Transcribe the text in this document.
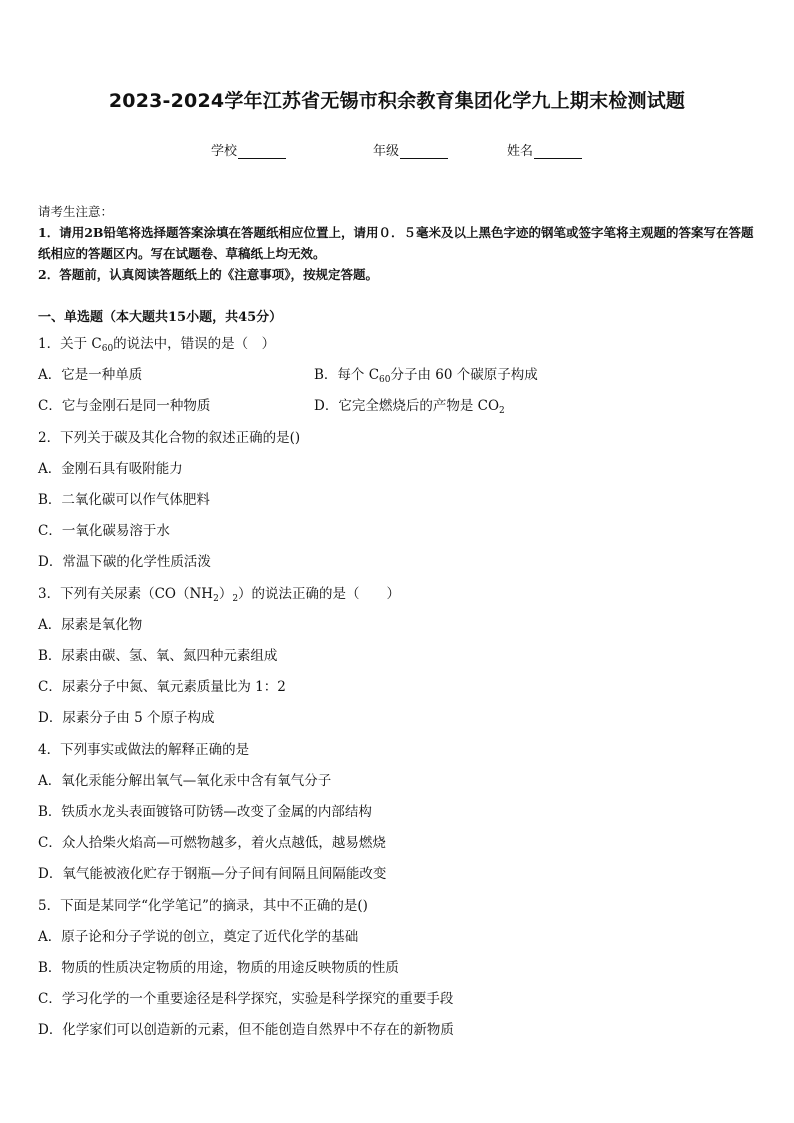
2023-2024学年江苏省无锡市积余教育集团化学九上期末检测试题
学校	年级	姓名
请考生注意：
1．请用2B铅笔将选择题答案涂填在答题纸相应位置上，请用０．５毫米及以上黑色字迹的钢笔或签字笔将主观题的答案写在答题纸相应的答题区内。写在试题卷、草稿纸上均无效。
2．答题前，认真阅读答题纸上的《注意事项》，按规定答题。
一、单选题（本大题共15小题，共45分）
1．关于 $C_{60}$的说法中，错误的是（　）
A．它是一种单质	B．每个 $C_{60}$分子由 60 个碳原子构成
C．它与金刚石是同一种物质	D．它完全燃烧后的产物是 $CO_2$
2．下列关于碳及其化合物的叙述正确的是()
A．金刚石具有吸附能力
B．二氧化碳可以作气体肥料
C．一氧化碳易溶于水
D．常温下碳的化学性质活泼
3．下列有关尿素$(CO(NH_2)_2)$的说法正确的是（　　）
A．尿素是氧化物
B．尿素由碳、氢、氧、氮四种元素组成
C．尿素分子中氮、氧元素质量比为 1：2
D．尿素分子由 5 个原子构成
4．下列事实或做法的解释正确的是
A．氧化汞能分解出氧气—氧化汞中含有氧气分子
B．铁质水龙头表面镀铬可防锈—改变了金属的内部结构
C．众人拾柴火焰高—可燃物越多，着火点越低，越易燃烧
D．氧气能被液化贮存于钢瓶—分子间有间隔且间隔能改变
5．下面是某同学“化学笔记”的摘录，其中不正确的是()
A．原子论和分子学说的创立，奠定了近代化学的基础
B．物质的性质决定物质的用途，物质的用途反映物质的性质
C．学习化学的一个重要途径是科学探究，实验是科学探究的重要手段
D．化学家们可以创造新的元素，但不能创造自然界中不存在的新物质
